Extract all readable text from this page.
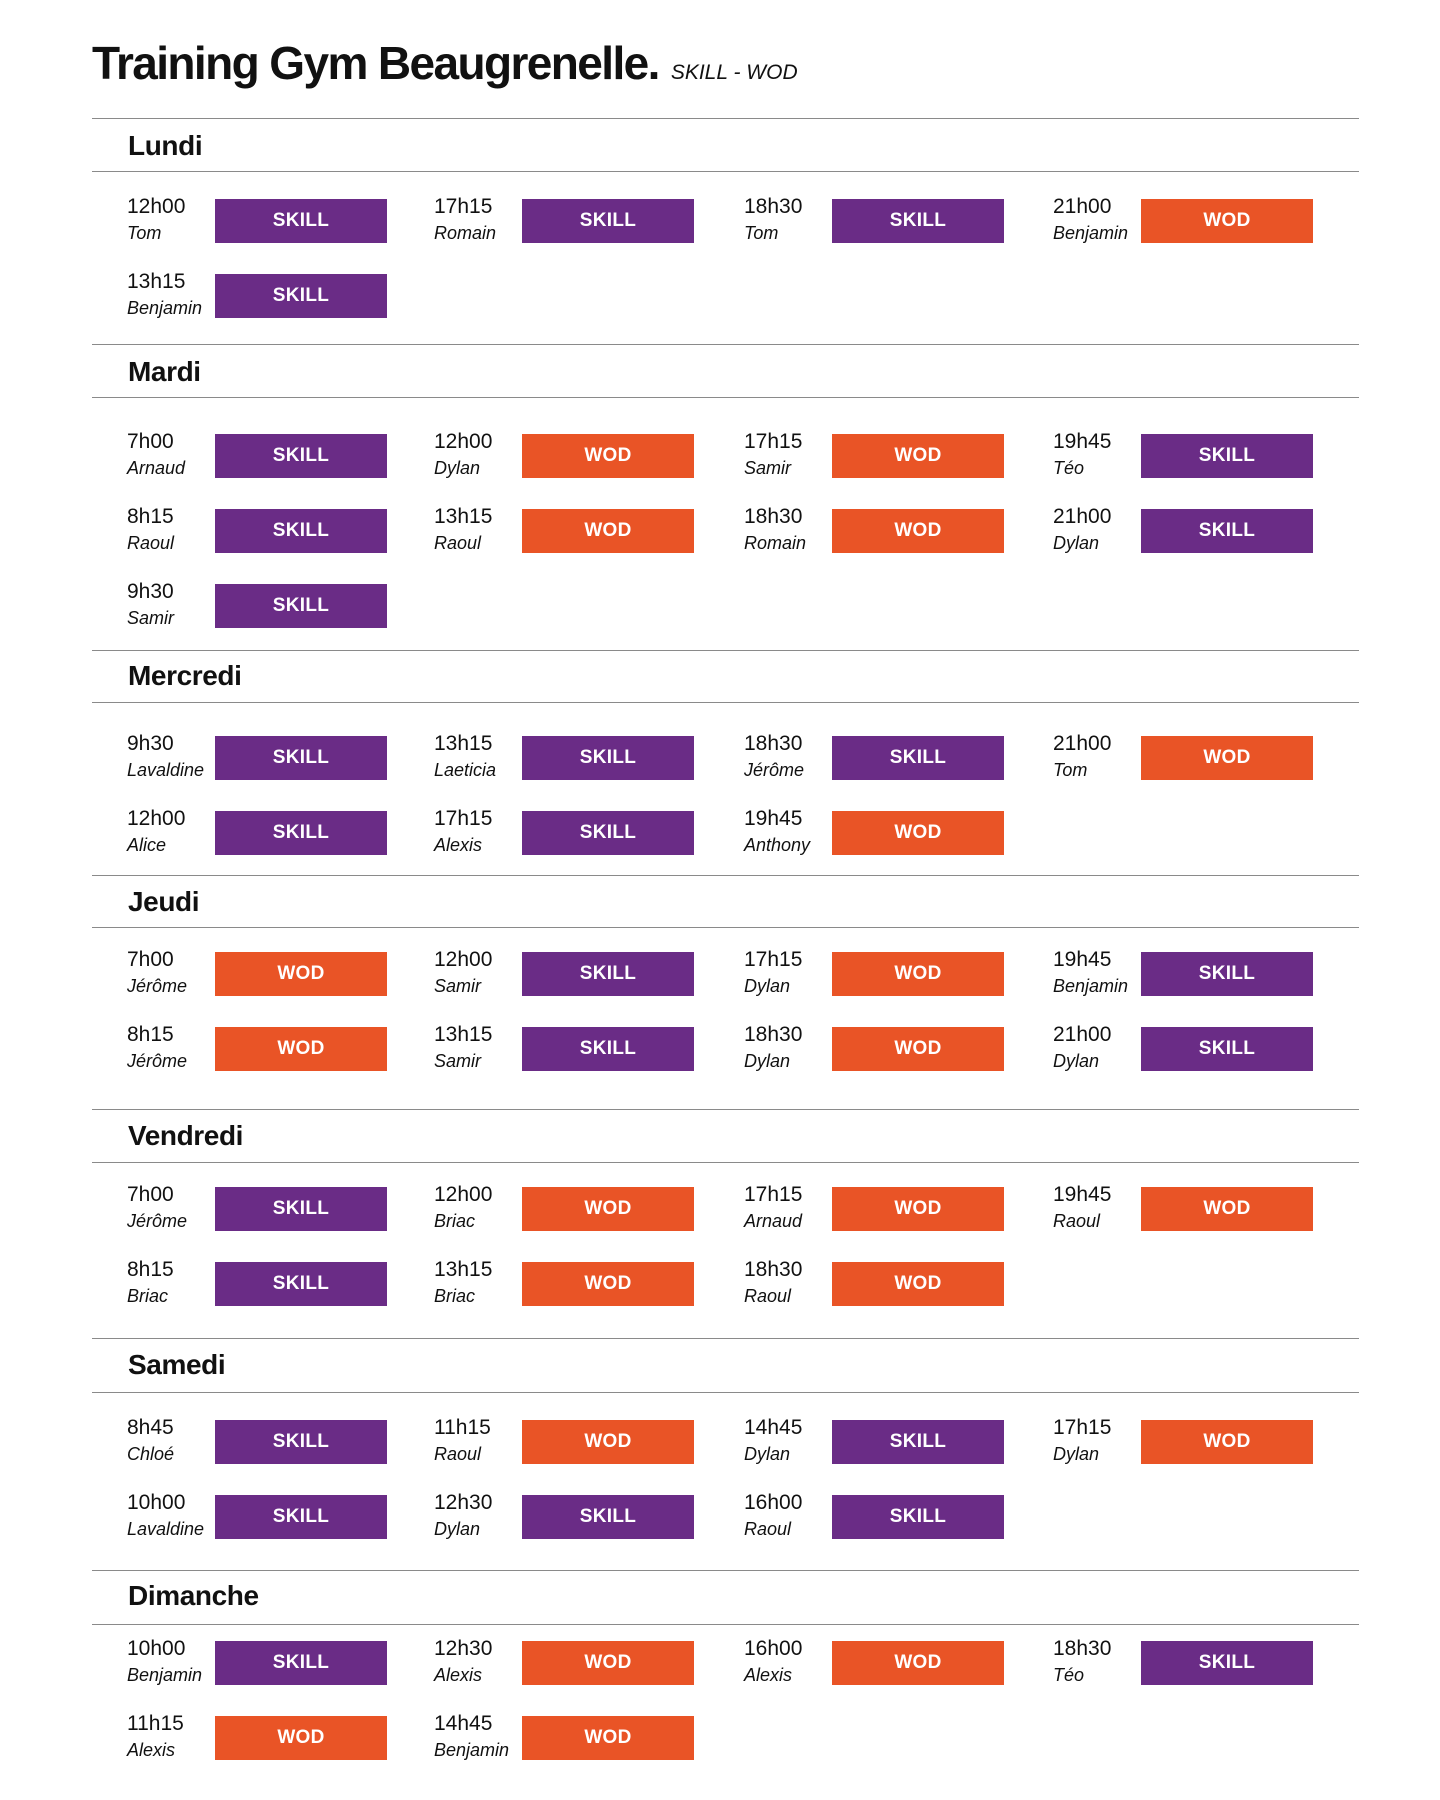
Training Gym Beaugrenelle. SKILL - WOD
Lundi
12h00
Tom
SKILL
17h15
Romain
SKILL
18h30
Tom
SKILL
21h00
Benjamin
WOD
13h15
Benjamin
SKILL
Mardi
7h00
Arnaud
SKILL
12h00
Dylan
WOD
17h15
Samir
WOD
19h45
Téo
SKILL
8h15
Raoul
SKILL
13h15
Raoul
WOD
18h30
Romain
WOD
21h00
Dylan
SKILL
9h30
Samir
SKILL
Mercredi
9h30
Lavaldine
SKILL
13h15
Laeticia
SKILL
18h30
Jérôme
SKILL
21h00
Tom
WOD
12h00
Alice
SKILL
17h15
Alexis
SKILL
19h45
Anthony
WOD
Jeudi
7h00
Jérôme
WOD
12h00
Samir
SKILL
17h15
Dylan
WOD
19h45
Benjamin
SKILL
8h15
Jérôme
WOD
13h15
Samir
SKILL
18h30
Dylan
WOD
21h00
Dylan
SKILL
Vendredi
7h00
Jérôme
SKILL
12h00
Briac
WOD
17h15
Arnaud
WOD
19h45
Raoul
WOD
8h15
Briac
SKILL
13h15
Briac
WOD
18h30
Raoul
WOD
Samedi
8h45
Chloé
SKILL
11h15
Raoul
WOD
14h45
Dylan
SKILL
17h15
Dylan
WOD
10h00
Lavaldine
SKILL
12h30
Dylan
SKILL
16h00
Raoul
SKILL
Dimanche
10h00
Benjamin
SKILL
12h30
Alexis
WOD
16h00
Alexis
WOD
18h30
Téo
SKILL
11h15
Alexis
WOD
14h45
Benjamin
WOD
